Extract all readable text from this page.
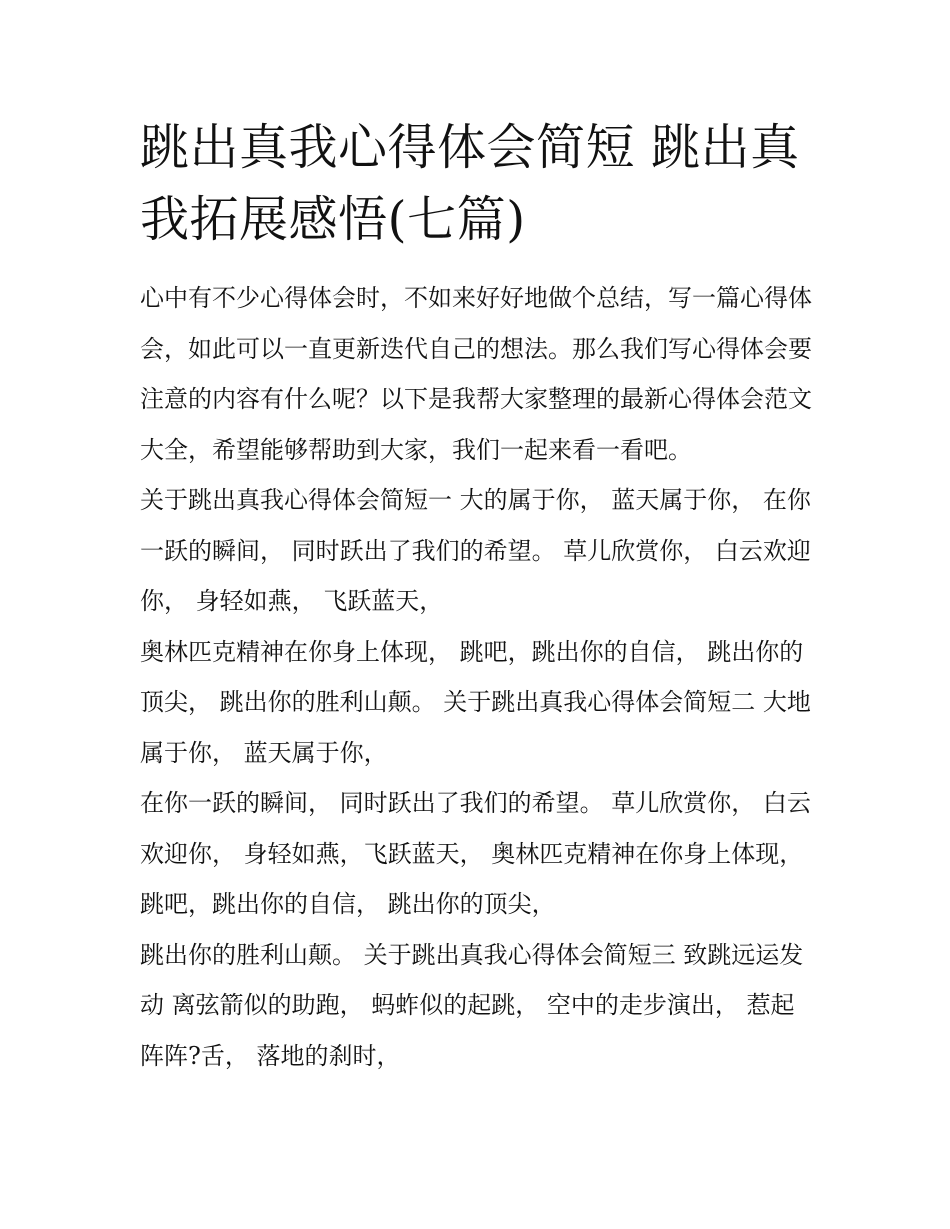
跳出真我心得体会简短 跳出真我拓展感悟(七篇)

心中有不少心得体会时，不如来好好地做个总结，写一篇心得体会，如此可以一直更新迭代自己的想法。那么我们写心得体会要注意的内容有什么呢？以下是我帮大家整理的最新心得体会范文大全，希望能够帮助到大家，我们一起来看一看吧。

关于跳出真我心得体会简短一 大的属于你， 蓝天属于你， 在你一跃的瞬间， 同时跃出了我们的希望。 草儿欣赏你， 白云欢迎你， 身轻如燕， 飞跃蓝天，

奥林匹克精神在你身上体现， 跳吧，跳出你的自信， 跳出你的顶尖， 跳出你的胜利山颠。 关于跳出真我心得体会简短二 大地属于你， 蓝天属于你，

在你一跃的瞬间， 同时跃出了我们的希望。 草儿欣赏你， 白云欢迎你， 身轻如燕，飞跃蓝天， 奥林匹克精神在你身上体现， 跳吧，跳出你的自信， 跳出你的顶尖，

跳出你的胜利山颠。 关于跳出真我心得体会简短三 致跳远运发动 离弦箭似的助跑， 蚂蚱似的起跳， 空中的走步演出， 惹起阵阵?舌， 落地的刹时，
